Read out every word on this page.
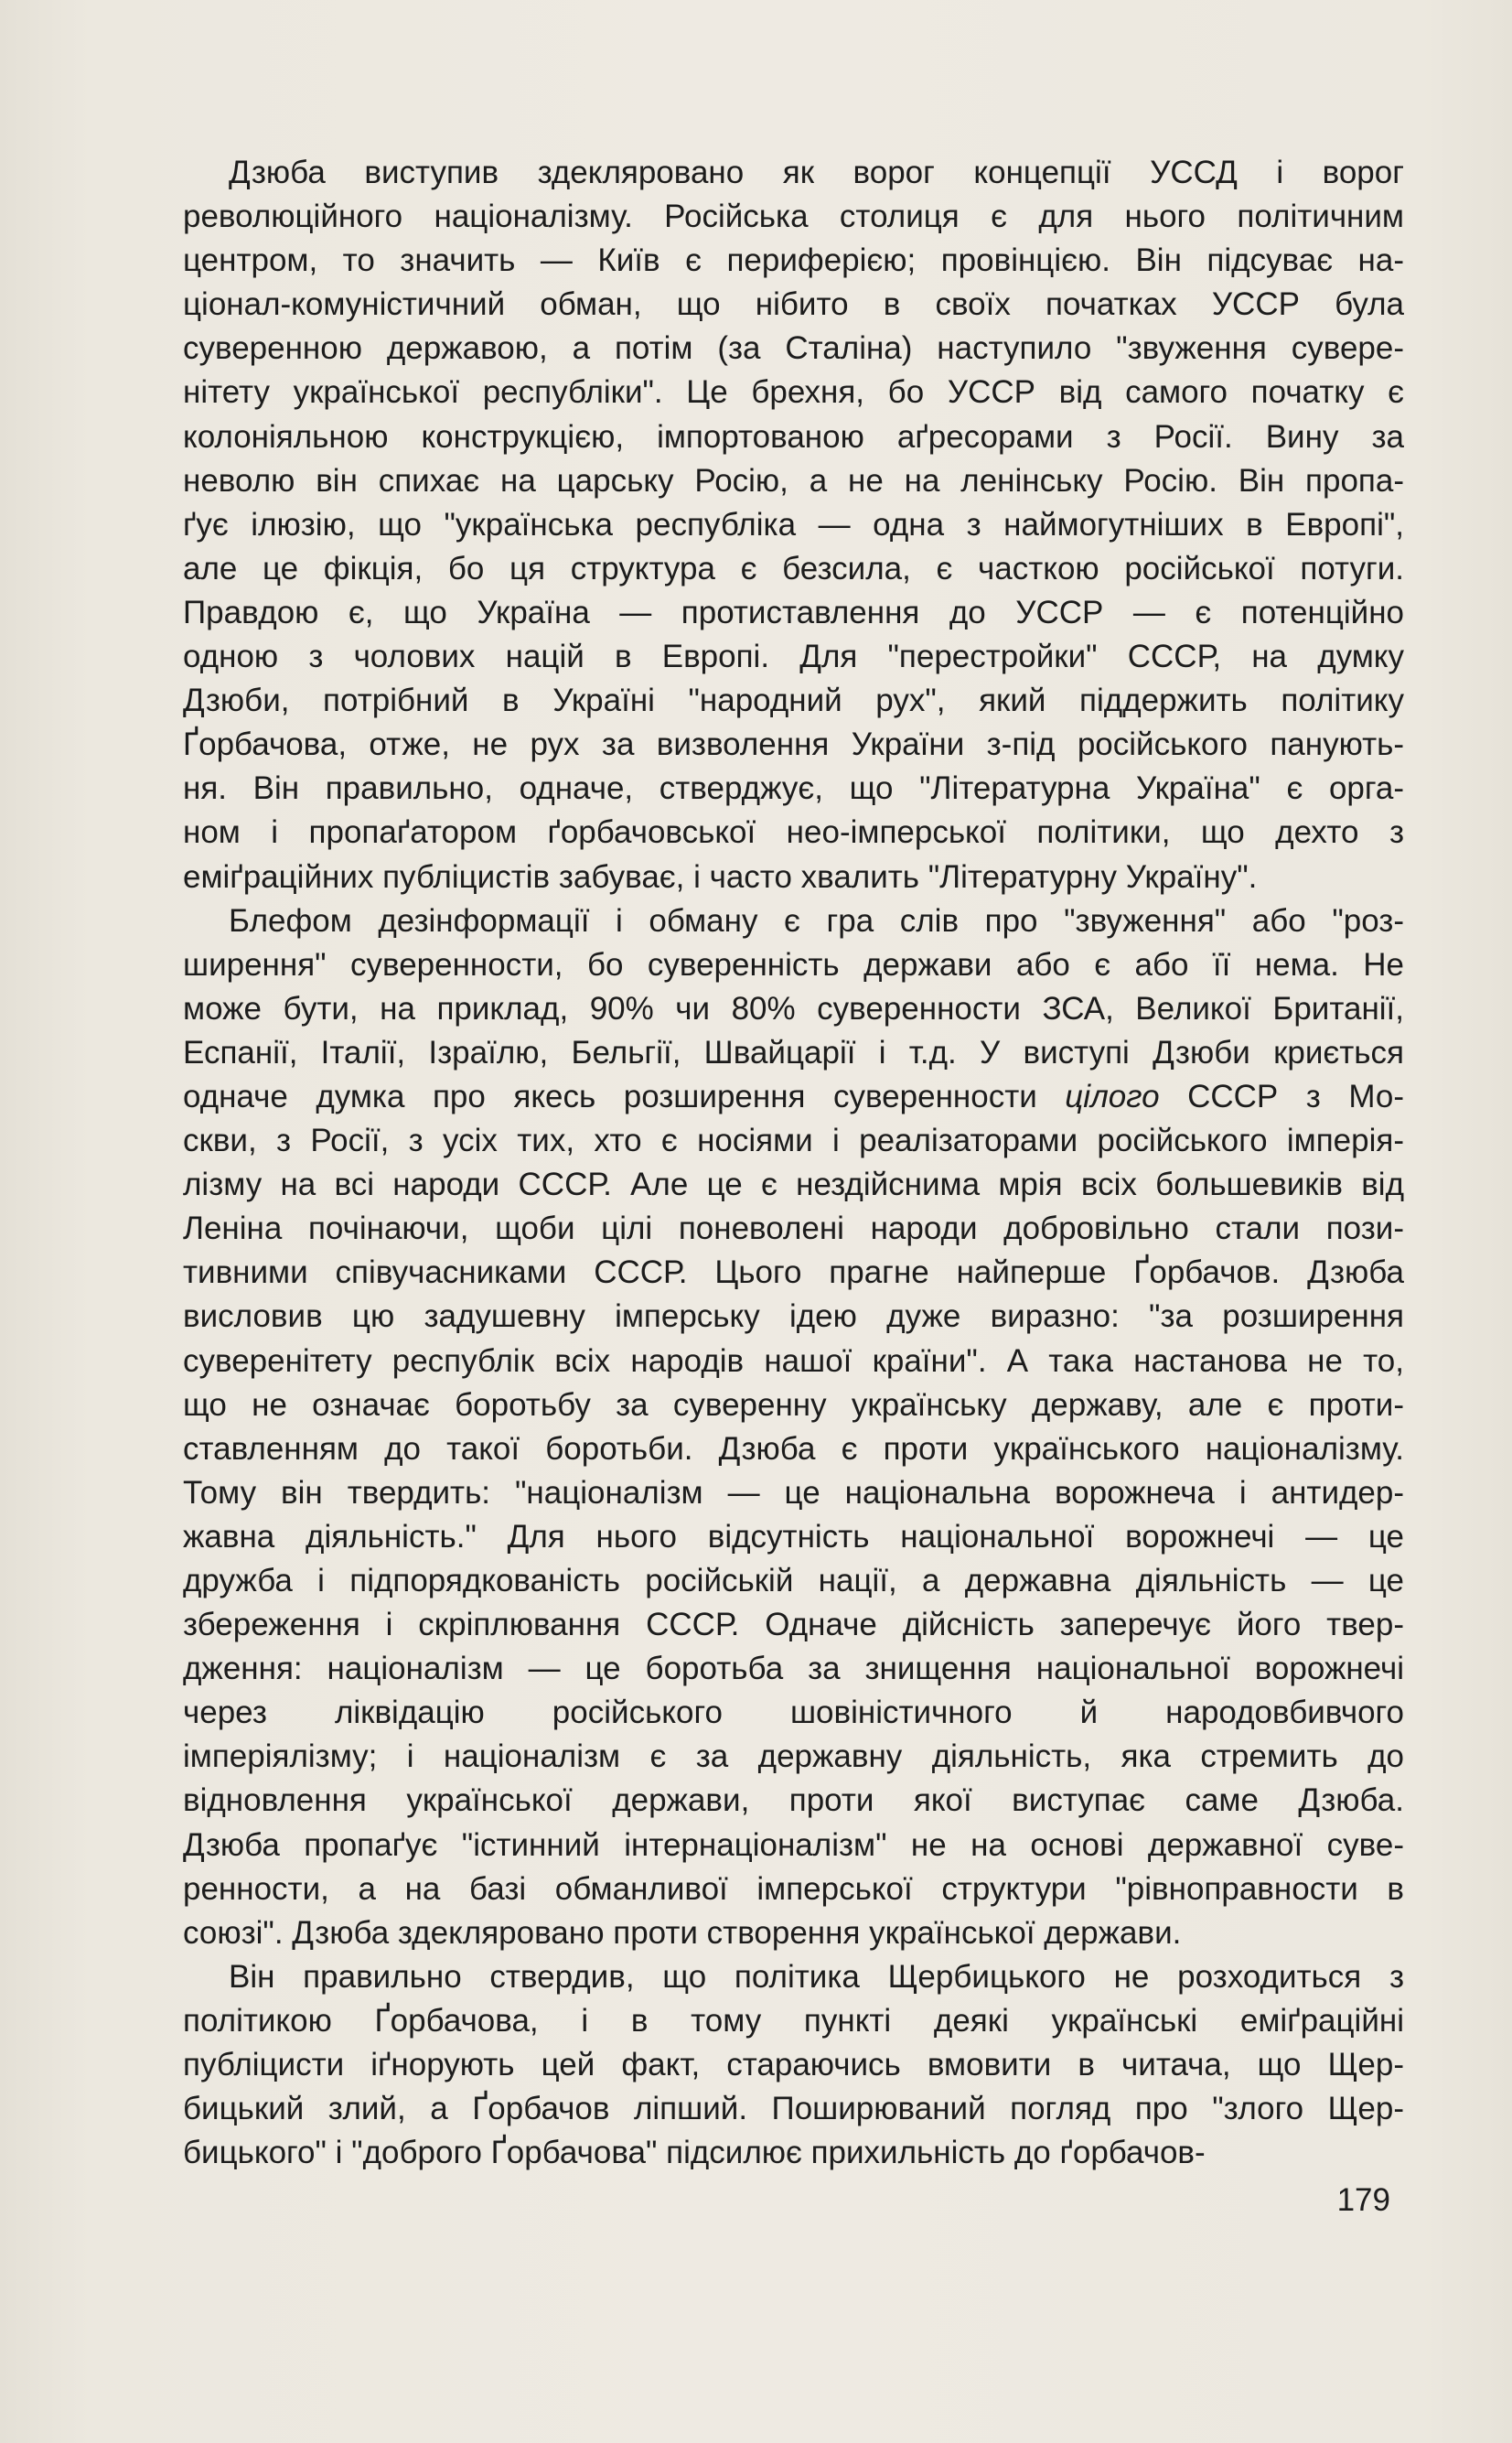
Дзюба виступив здекляровано як ворог концепції УССД і ворог
революційного націоналізму. Російська столиця є для нього політичним
центром, то значить — Київ є периферією; провінцією. Він підсуває на-
ціонал-комуністичний обман, що нібито в своїх початках УССР була
суверенною державою, а потім (за Сталіна) наступило "звуження сувере-
нітету української республіки". Це брехня, бо УССР від самого початку є
колоніяльною конструкцією, імпортованою аґресорами з Росії. Вину за
неволю він спихає на царську Росію, а не на ленінську Росію. Він пропа-
ґує ілюзію, що "українська республіка — одна з наймогутніших в Европі",
але це фікція, бо ця структура є безсила, є часткою російської потуги.
Правдою є, що Україна — протиставлення до УССР — є потенційно
одною з чолових націй в Европі. Для "перестройки" СССР, на думку
Дзюби, потрібний в Україні "народний рух", який піддержить політику
Ґорбачова, отже, не рух за визволення України з-під російського панують-
ня. Він правильно, одначе, стверджує, що "Літературна Україна" є орга-
ном і пропаґатором ґорбачовської нео-імперської політики, що дехто з
еміґраційних публіцистів забуває, і часто хвалить "Літературну Україну".
Блефом дезінформації і обману є гра слів про "звуження" або "роз-
ширення" суверенности, бо суверенність держави або є або її нема. Не
може бути, на приклад, 90% чи 80% суверенности ЗСА, Великої Британії,
Еспанії, Італії, Ізраїлю, Бельгії, Швайцарії і т.д. У виступі Дзюби криється
одначе думка про якесь розширення суверенности цілого СССР з Мо-
скви, з Росії, з усіх тих, хто є носіями і реалізаторами російського імперія-
лізму на всі народи СССР. Але це є нездійснима мрія всіх большевиків від
Леніна почінаючи, щоби цілі поневолені народи добровільно стали пози-
тивними співучасниками СССР. Цього прагне найперше Ґорбачов. Дзюба
висловив цю задушевну імперську ідею дуже виразно: "за розширення
суверенітету республік всіх народів нашої країни". А така настанова не то,
що не означає боротьбу за суверенну українську державу, але є проти-
ставленням до такої боротьби. Дзюба є проти українського націоналізму.
Тому він твердить: "націоналізм — це національна ворожнеча і антидер-
жавна діяльність." Для нього відсутність національної ворожнечі — це
дружба і підпорядкованість російській нації, а державна діяльність — це
збереження і скріплювання СССР. Одначе дійсність заперечує його твер-
дження: націоналізм — це боротьба за знищення національної ворожнечі
через ліквідацію російського шовіністичного й народовбивчого
імперіялізму; і націоналізм є за державну діяльність, яка стремить до
відновлення української держави, проти якої виступає саме Дзюба.
Дзюба пропаґує "істинний інтернаціоналізм" не на основі державної суве-
ренности, а на базі обманливої імперської структури "рівноправности в
союзі". Дзюба здекляровано проти створення української держави.
Він правильно ствердив, що політика Щербицького не розходиться з
політикою Ґорбачова, і в тому пункті деякі українські еміґраційні
публіцисти іґнорують цей факт, стараючись вмовити в читача, що Щер-
бицький злий, а Ґорбачов ліпший. Поширюваний погляд про "злого Щер-
бицького" і "доброго Ґорбачова" підсилює прихильність до ґорбачов-
179
